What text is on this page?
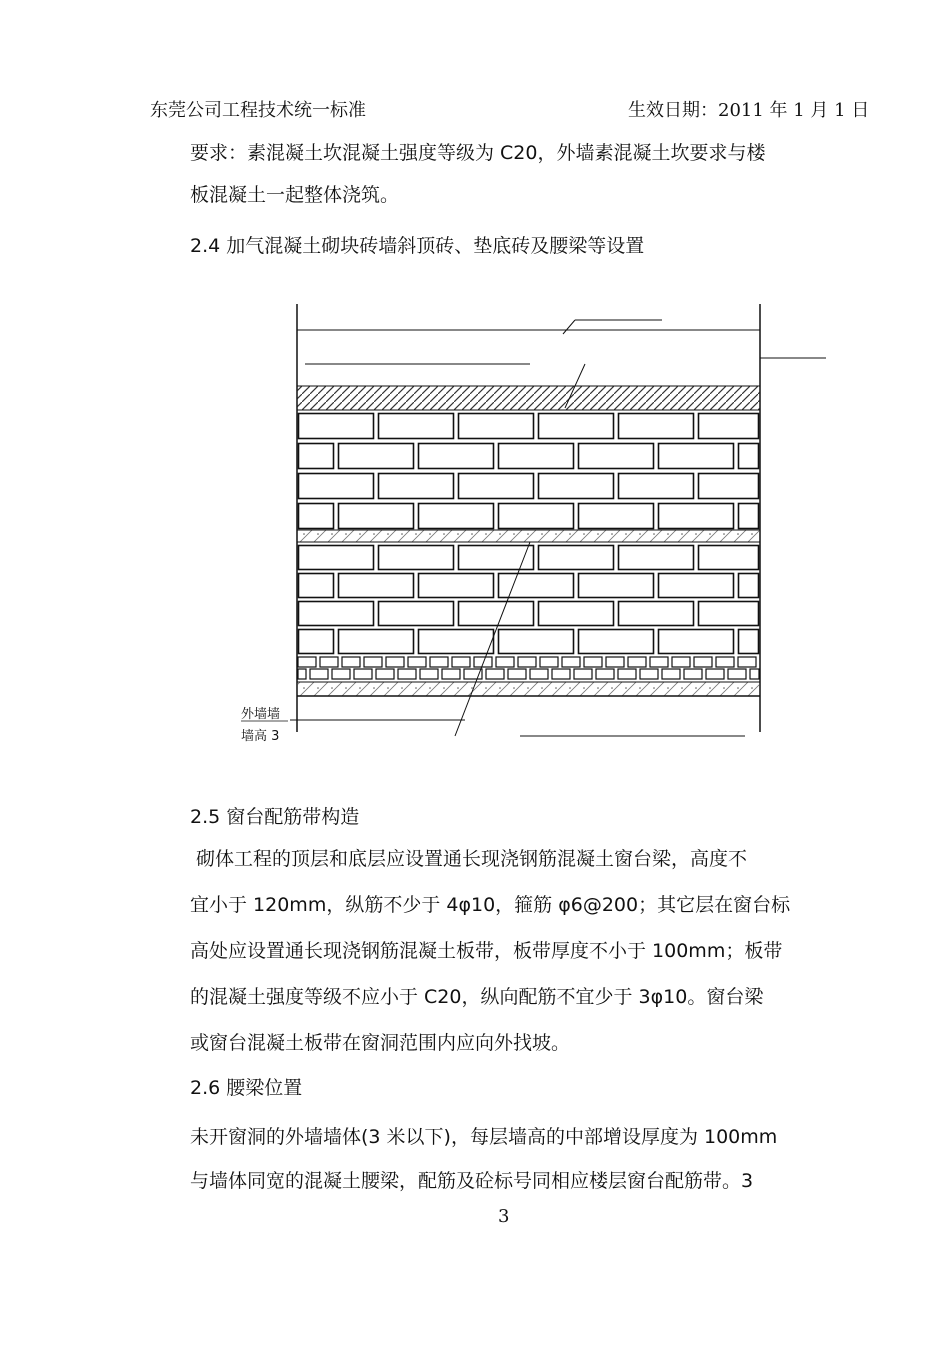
东莞公司工程技术统一标准	生效日期：2011 年 1 月 1 日
要求：素混凝土坎混凝土强度等级为 C20，外墙素混凝土坎要求与楼
板混凝土一起整体浇筑。
2.4 加气混凝土砌块砖墙斜顶砖、垫底砖及腰梁等设置
外墙墙
墙高 3
2.5 窗台配筋带构造
砌体工程的顶层和底层应设置通长现浇钢筋混凝土窗台梁，高度不
宜小于 120mm，纵筋不少于 4φ10，箍筋 φ6@200；其它层在窗台标
高处应设置通长现浇钢筋混凝土板带，板带厚度不小于 100mm；板带
的混凝土强度等级不应小于 C20，纵向配筋不宜少于 3φ10。窗台梁
或窗台混凝土板带在窗洞范围内应向外找坡。
2.6 腰梁位置
未开窗洞的外墙墙体(3 米以下)，每层墙高的中部增设厚度为 100mm
与墙体同宽的混凝土腰梁，配筋及砼标号同相应楼层窗台配筋带。3
3
